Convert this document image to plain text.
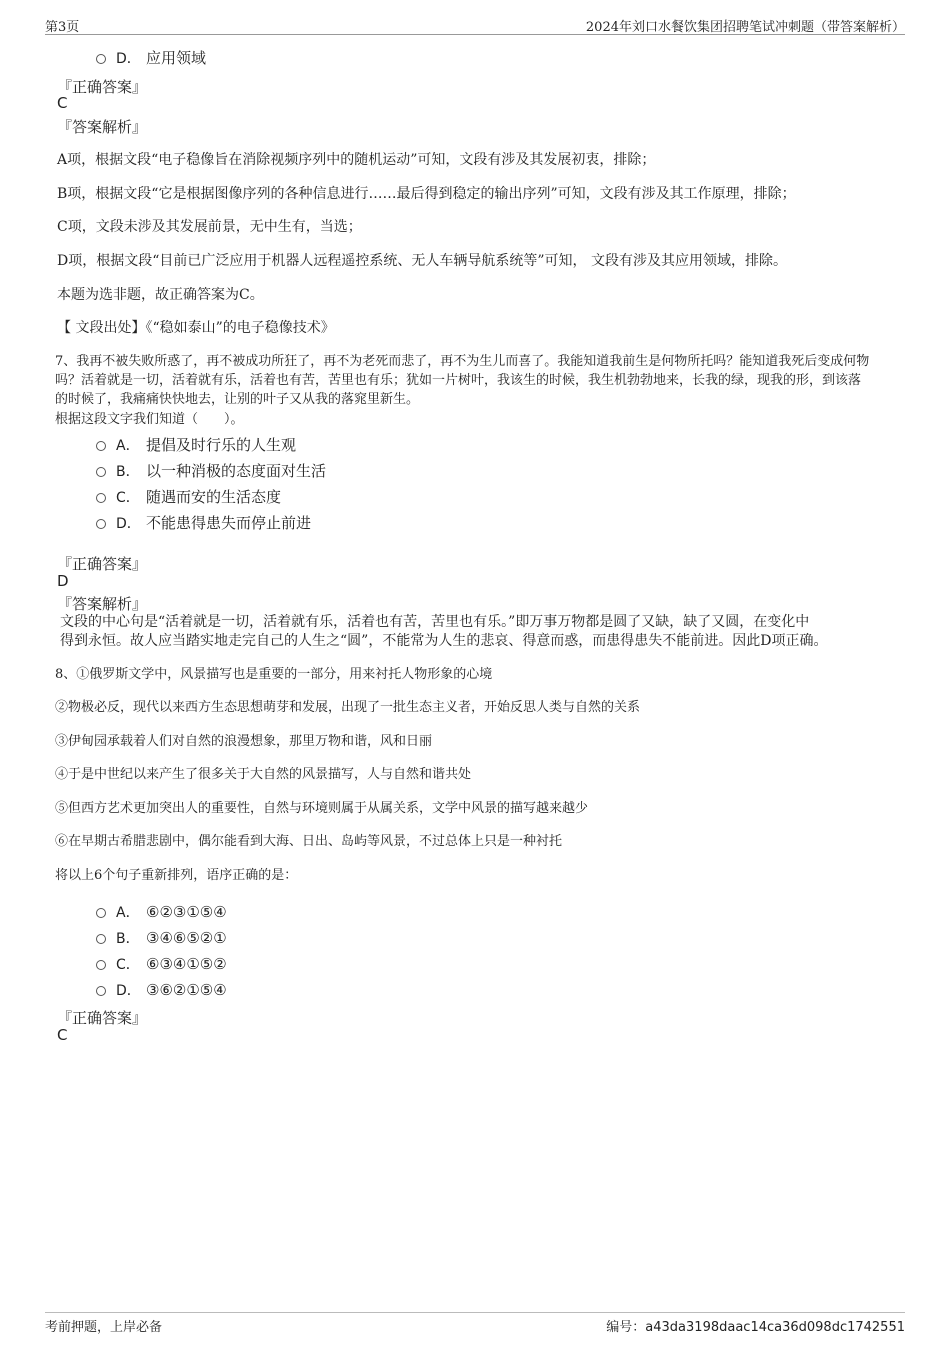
第3页	2024年刘口水餐饮集团招聘笔试冲刺题（带答案解析）
D． 应用领域
『正确答案』
C
『答案解析』
A项，根据文段“电子稳像旨在消除视频序列中的随机运动”可知，文段有涉及其发展初衷，排除；
B项，根据文段“它是根据图像序列的各种信息进行……最后得到稳定的输出序列”可知，文段有涉及其工作原理，排除；
C项，文段未涉及其发展前景，无中生有，当选；
D项，根据文段“目前已广泛应用于机器人远程遥控系统、无人车辆导航系统等”可知， 文段有涉及其应用领域，排除。
本题为选非题，故正确答案为C。
【 文段出处】《“稳如泰山”的电子稳像技术》
7、我再不被失败所惑了，再不被成功所狂了，再不为老死而悲了，再不为生儿而喜了。我能知道我前生是何物所托吗？能知道我死后变成何物
吗？活着就是一切，活着就有乐，活着也有苦，苦里也有乐；犹如一片树叶，我该生的时候，我生机勃勃地来，长我的绿，现我的形，到该落
的时候了，我痛痛快快地去，让别的叶子又从我的落窕里新生。
根据这段文字我们知道（　　）。
A． 提倡及时行乐的人生观
B． 以一种消极的态度面对生活
C． 随遇而安的生活态度
D． 不能患得患失而停止前进
『正确答案』
D
『答案解析』
文段的中心句是“活着就是一切，活着就有乐，活着也有苦，苦里也有乐。”即万事万物都是圆了又缺，缺了又圆，在变化中
得到永恒。故人应当踏实地走完自己的人生之“圆”，不能常为人生的悲哀、得意而惑，而患得患失不能前进。因此D项正确。
8、①俄罗斯文学中，风景描写也是重要的一部分，用来衬托人物形象的心境
②物极必反，现代以来西方生态思想萌芽和发展，出现了一批生态主义者，开始反思人类与自然的关系
③伊甸园承载着人们对自然的浪漫想象，那里万物和谐，风和日丽
④于是中世纪以来产生了很多关于大自然的风景描写，人与自然和谐共处
⑤但西方艺术更加突出人的重要性，自然与环境则属于从属关系，文学中风景的描写越来越少
⑥在早期古希腊悲剧中，偶尔能看到大海、日出、岛屿等风景，不过总体上只是一种衬托
将以上6个句子重新排列，语序正确的是：
A． ⑥②③①⑤④
B． ③④⑥⑤②①
C． ⑥③④①⑤②
D． ③⑥②①⑤④
『正确答案』
C
考前押题，上岸必备	编号：a43da3198daac14ca36d098dc1742551
